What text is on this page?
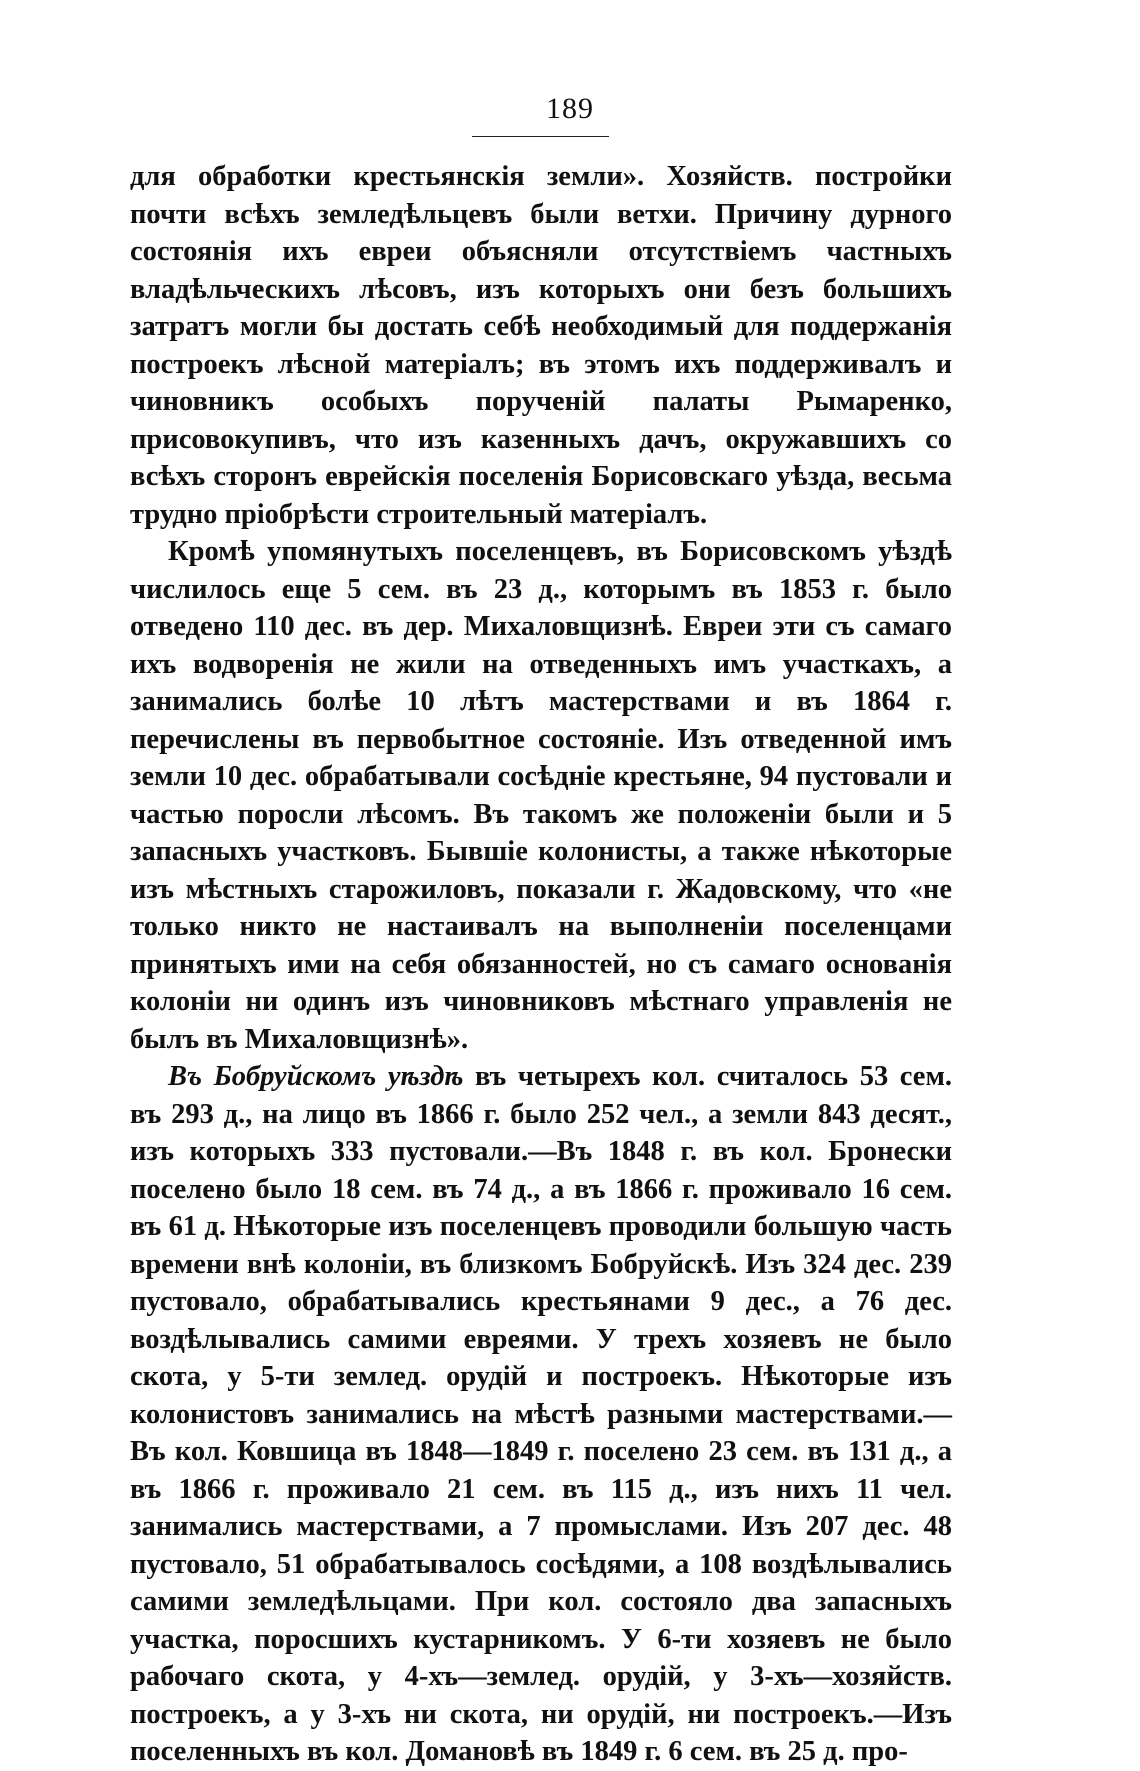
189

для обработки крестьянскія земли». Хозяйств. постройки почти всѣхъ земледѣльцевъ были ветхи. Причину дурного состоянія ихъ евреи объясняли отсутствіемъ частныхъ владѣльческихъ лѣсовъ, изъ которыхъ они безъ большихъ затратъ могли бы достать себѣ необходимый для поддержанія построекъ лѣсной матеріалъ; въ этомъ ихъ поддерживалъ и чиновникъ особыхъ порученій палаты Рымаренко, присовокупивъ, что изъ казенныхъ дачъ, окружавшихъ со всѣхъ сторонъ еврейскія поселенія Борисовскаго уѣзда, весьма трудно пріобрѣсти строительный матеріалъ.

Кромѣ упомянутыхъ поселенцевъ, въ Борисовскомъ уѣздѣ числилось еще 5 сем. въ 23 д., которымъ въ 1853 г. было отведено 110 дес. въ дер. Михаловщизнѣ. Евреи эти съ самаго ихъ водворенія не жили на отведенныхъ имъ участкахъ, а занимались болѣе 10 лѣтъ мастерствами и въ 1864 г. перечислены въ первобытное состояніе. Изъ отведенной имъ земли 10 дес. обрабатывали сосѣдніе крестьяне, 94 пустовали и частью поросли лѣсомъ. Въ такомъ же положеніи были и 5 запасныхъ участковъ. Бывшіе колонисты, а также нѣкоторые изъ мѣстныхъ старожиловъ, показали г. Жадовскому, что «не только никто не настаивалъ на выполненіи поселенцами принятыхъ ими на себя обязанностей, но съ самаго основанія колоніи ни одинъ изъ чиновниковъ мѣстнаго управленія не былъ въ Михаловщизнѣ».

Въ Бобруйскомъ уѣздѣ въ четырехъ кол. считалось 53 сем. въ 293 д., на лицо въ 1866 г. было 252 чел., а земли 843 десят., изъ которыхъ 333 пустовали.—Въ 1848 г. въ кол. Бронески поселено было 18 сем. въ 74 д., а въ 1866 г. проживало 16 сем. въ 61 д. Нѣкоторые изъ поселенцевъ проводили большую часть времени внѣ колоніи, въ близкомъ Бобруйскѣ. Изъ 324 дес. 239 пустовало, обрабатывались крестьянами 9 дес., а 76 дес. воздѣлывались самими евреями. У трехъ хозяевъ не было скота, у 5-ти землед. орудій и построекъ. Нѣкоторые изъ колонистовъ занимались на мѣстѣ разными мастерствами.—Въ кол. Ковшица въ 1848—1849 г. поселено 23 сем. въ 131 д., а въ 1866 г. проживало 21 сем. въ 115 д., изъ нихъ 11 чел. занимались мастерствами, а 7 промыслами. Изъ 207 дес. 48 пустовало, 51 обрабатывалось сосѣдями, а 108 воздѣлывались самими земледѣльцами. При кол. состояло два запасныхъ участка, поросшихъ кустарникомъ. У 6-ти хозяевъ не было рабочаго скота, у 4-хъ—землед. орудій, у 3-хъ—хозяйств. построекъ, а у 3-хъ ни скота, ни орудій, ни построекъ.—Изъ поселенныхъ въ кол. Домановѣ въ 1849 г. 6 сем. въ 25 д. про-
